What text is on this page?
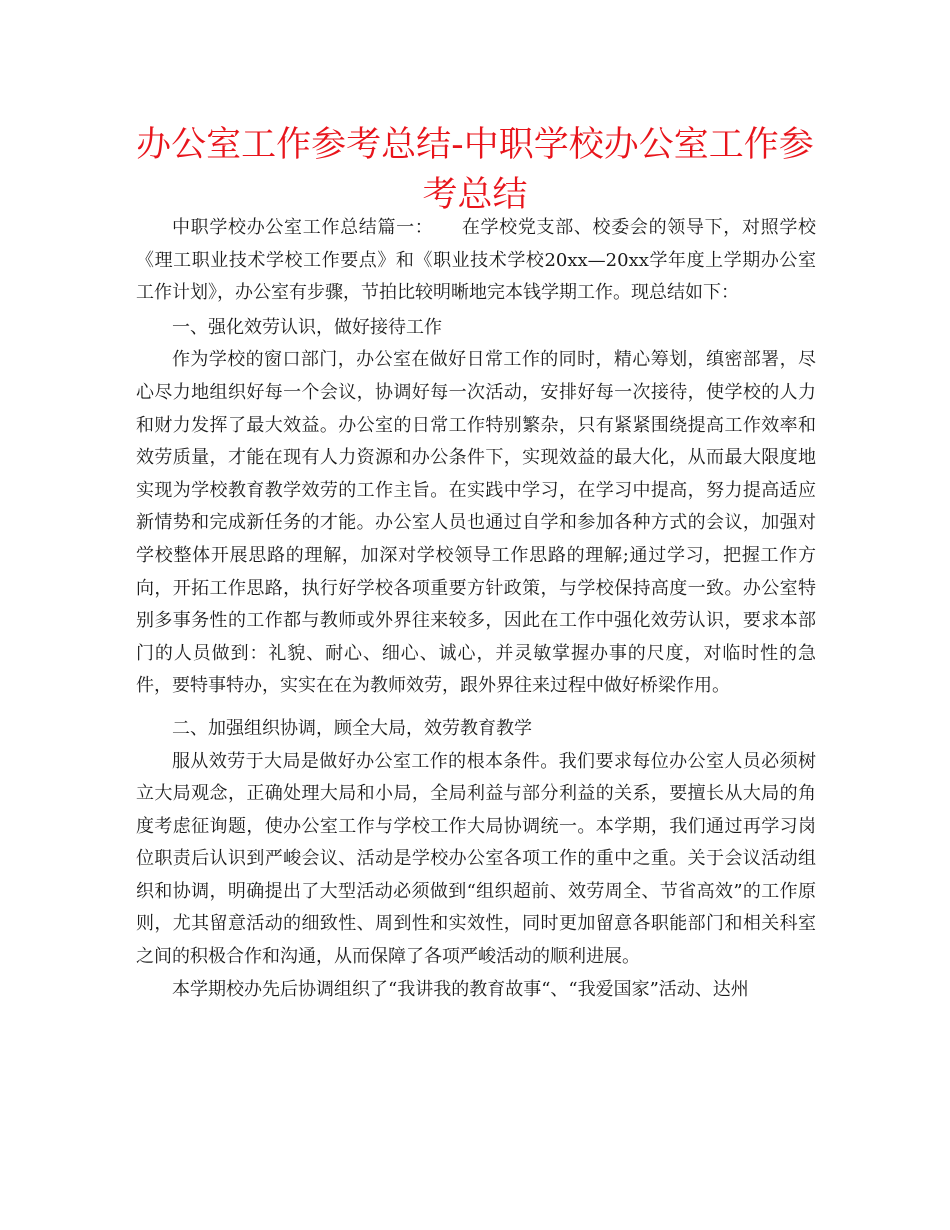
办公室工作参考总结-中职学校办公室工作参考总结

中职学校办公室工作总结篇一：　　在学校党支部、校委会的领导下，对照学校《理工职业技术学校工作要点》和《职业技术学校20xx—20xx学年度上学期办公室工作计划》，办公室有步骤，节拍比较明晰地完本钱学期工作。现总结如下：

一、强化效劳认识，做好接待工作

作为学校的窗口部门，办公室在做好日常工作的同时，精心筹划，缜密部署，尽心尽力地组织好每一个会议，协调好每一次活动，安排好每一次接待，使学校的人力和财力发挥了最大效益。办公室的日常工作特别繁杂，只有紧紧围绕提高工作效率和效劳质量，才能在现有人力资源和办公条件下，实现效益的最大化，从而最大限度地实现为学校教育教学效劳的工作主旨。在实践中学习，在学习中提高，努力提高适应新情势和完成新任务的才能。办公室人员也通过自学和参加各种方式的会议，加强对学校整体开展思路的理解，加深对学校领导工作思路的理解;通过学习，把握工作方向，开拓工作思路，执行好学校各项重要方针政策，与学校保持高度一致。办公室特别多事务性的工作都与教师或外界往来较多，因此在工作中强化效劳认识，要求本部门的人员做到：礼貌、耐心、细心、诚心，并灵敏掌握办事的尺度，对临时性的急件，要特事特办，实实在在为教师效劳，跟外界往来过程中做好桥梁作用。

二、加强组织协调，顾全大局，效劳教育教学

服从效劳于大局是做好办公室工作的根本条件。我们要求每位办公室人员必须树立大局观念，正确处理大局和小局，全局利益与部分利益的关系，要擅长从大局的角度考虑征询题，使办公室工作与学校工作大局协调统一。本学期，我们通过再学习岗位职责后认识到严峻会议、活动是学校办公室各项工作的重中之重。关于会议活动组织和协调，明确提出了大型活动必须做到“组织超前、效劳周全、节省高效”的工作原则，尤其留意活动的细致性、周到性和实效性，同时更加留意各职能部门和相关科室之间的积极合作和沟通，从而保障了各项严峻活动的顺利进展。

本学期校办先后协调组织了“我讲我的教育故事“、“我爱国家”活动、达州
